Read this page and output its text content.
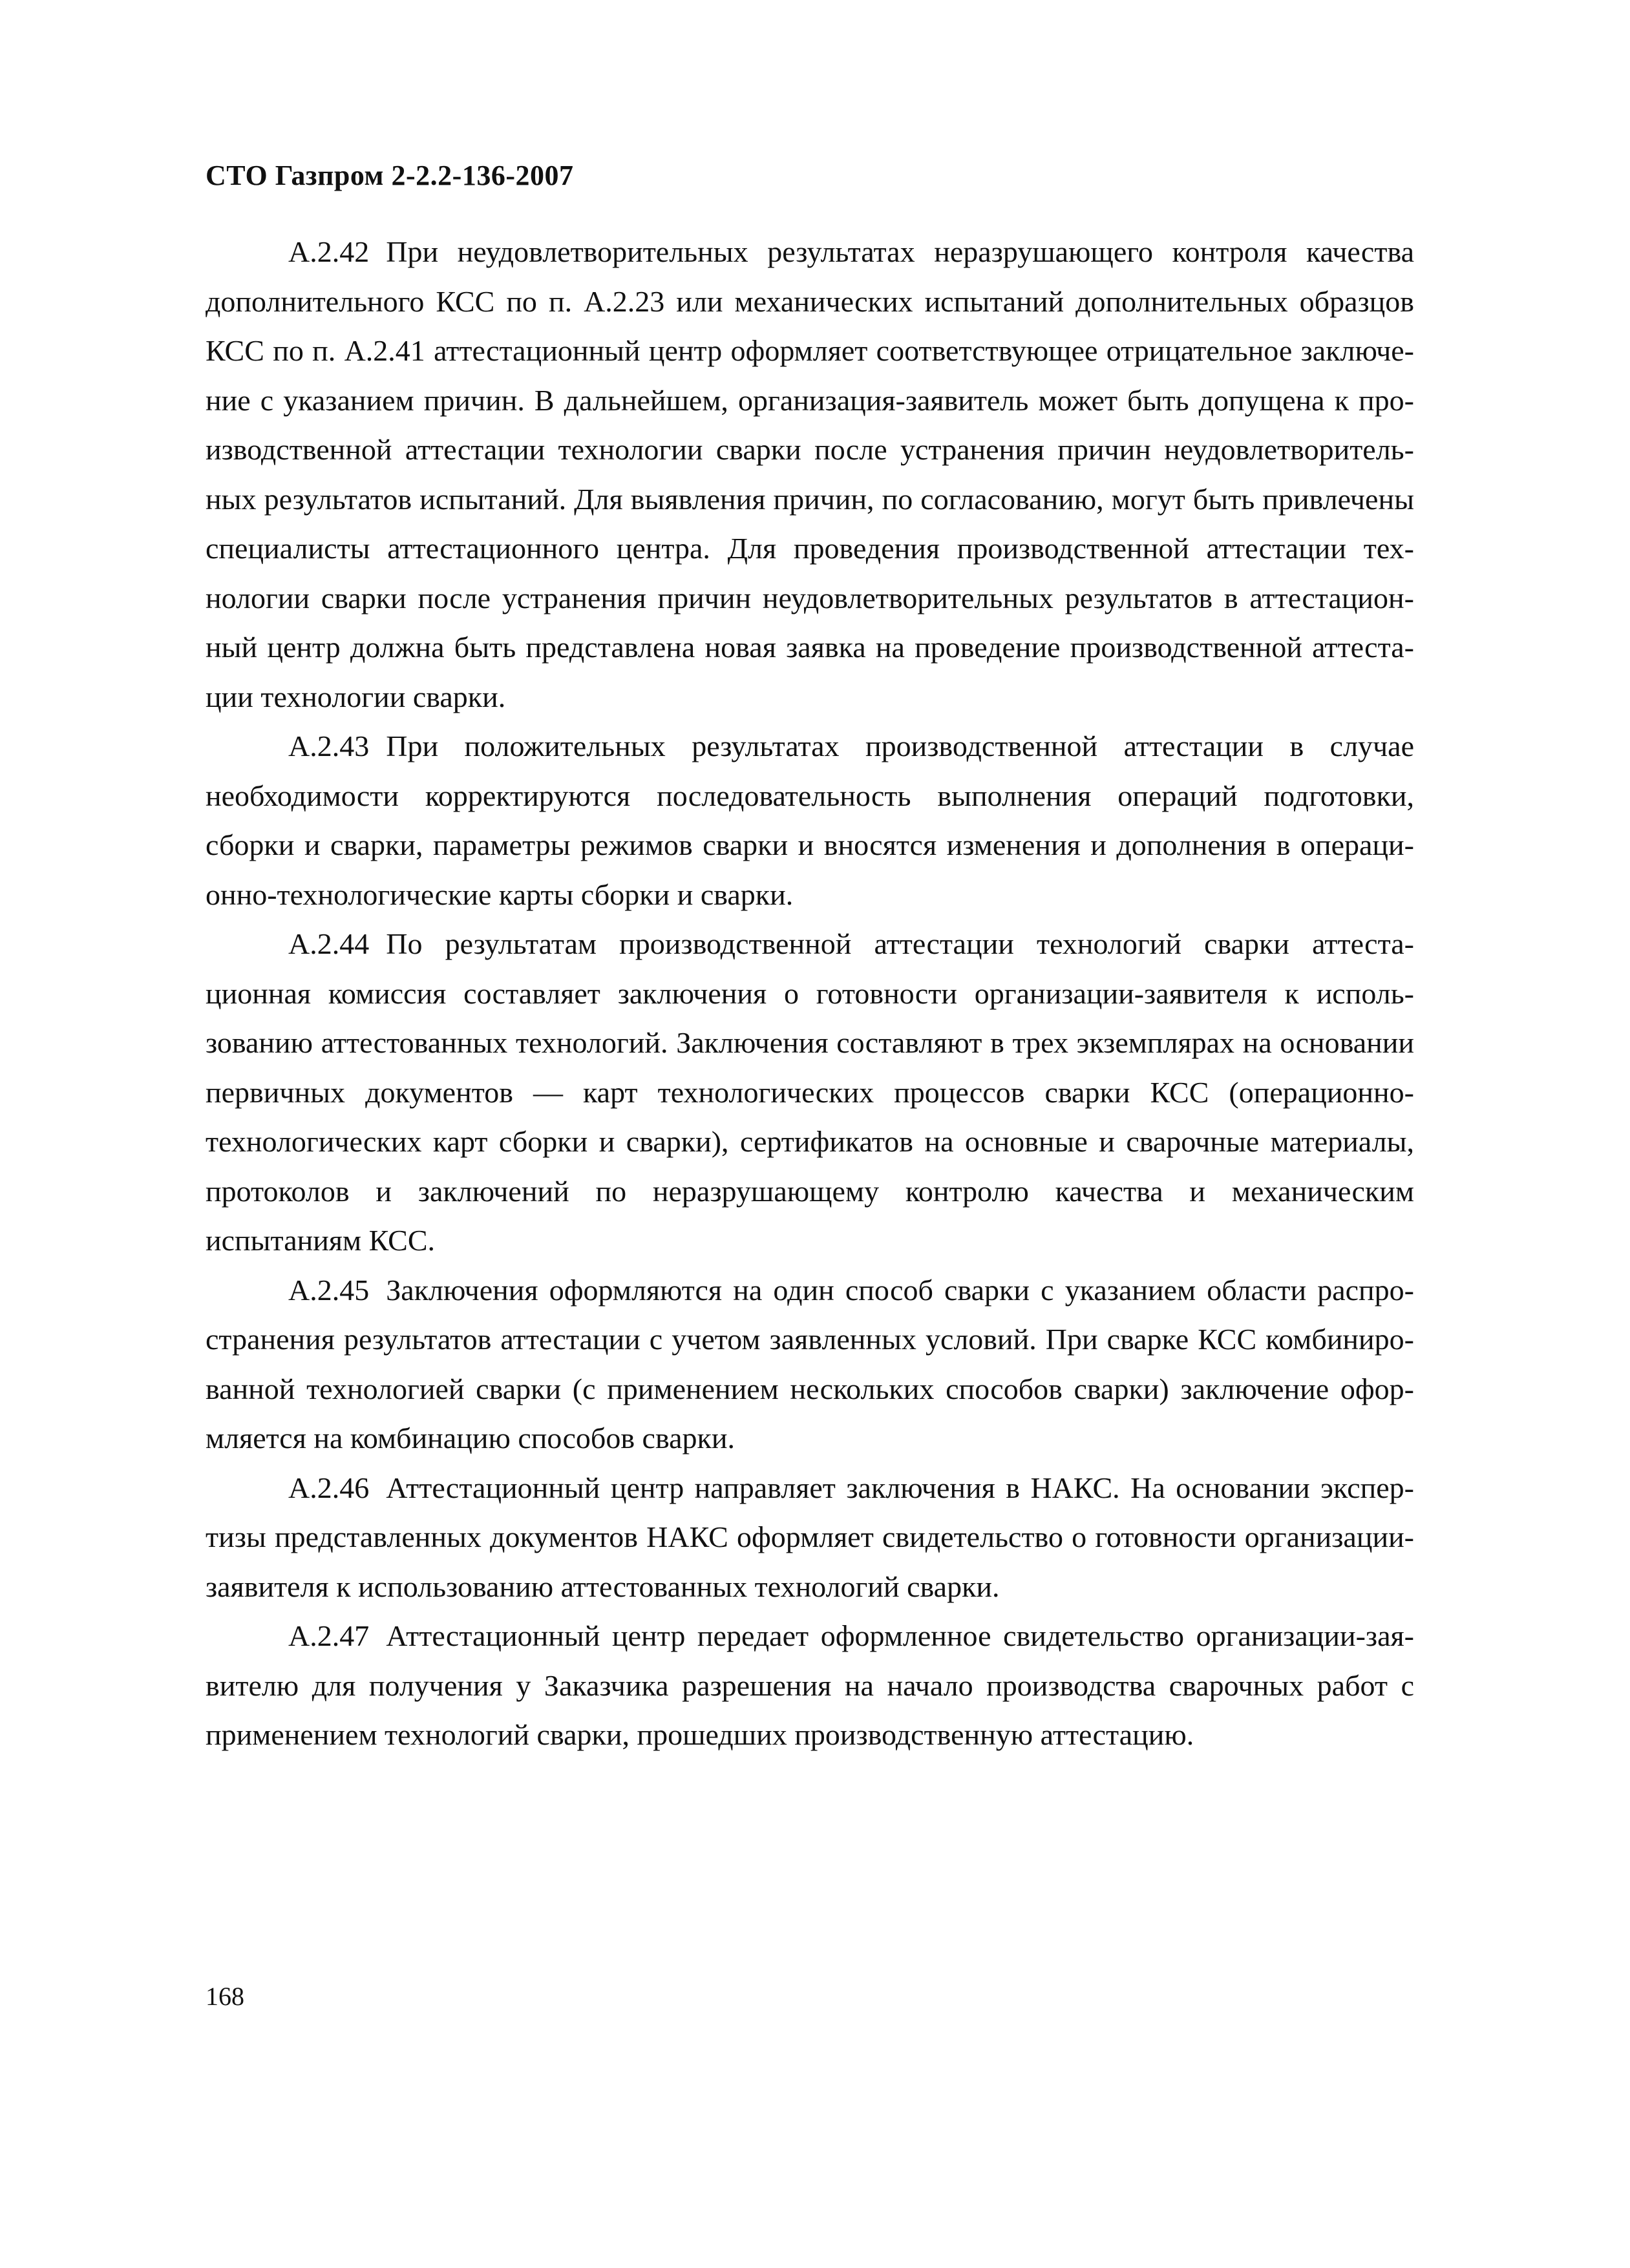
СТО Газпром 2-2.2-136-2007

А.2.42 При неудовлетворительных результатах неразрушающего контроля качества дополнительного КСС по п. А.2.23 или механических испытаний дополнительных образцов КСС по п. А.2.41 аттестационный центр оформляет соответствующее отрицательное заключение с указанием причин. В дальнейшем, организация-заявитель может быть допущена к производственной аттестации технологии сварки после устранения причин неудовлетворительных результатов испытаний. Для выявления причин, по согласованию, могут быть привлечены специалисты аттестационного центра. Для проведения производственной аттестации технологии сварки после устранения причин неудовлетворительных результатов в аттестационный центр должна быть представлена новая заявка на проведение производственной аттестации технологии сварки.

А.2.43 При положительных результатах производственной аттестации в случае необходимости корректируются последовательность выполнения операций подготовки, сборки и сварки, параметры режимов сварки и вносятся изменения и дополнения в операционно-технологические карты сборки и сварки.

А.2.44 По результатам производственной аттестации технологий сварки аттестационная комиссия составляет заключения о готовности организации-заявителя к использованию аттестованных технологий. Заключения составляют в трех экземплярах на основании первичных документов — карт технологических процессов сварки КСС (операционно-технологических карт сборки и сварки), сертификатов на основные и сварочные материалы, протоколов и заключений по неразрушающему контролю качества и механическим испытаниям КСС.

А.2.45 Заключения оформляются на один способ сварки с указанием области распространения результатов аттестации с учетом заявленных условий. При сварке КСС комбинированной технологией сварки (с применением нескольких способов сварки) заключение оформляется на комбинацию способов сварки.

А.2.46 Аттестационный центр направляет заключения в НАКС. На основании экспертизы представленных документов НАКС оформляет свидетельство о готовности организации-заявителя к использованию аттестованных технологий сварки.

А.2.47 Аттестационный центр передает оформленное свидетельство организации-заявителю для получения у Заказчика разрешения на начало производства сварочных работ с применением технологий сварки, прошедших производственную аттестацию.

168
